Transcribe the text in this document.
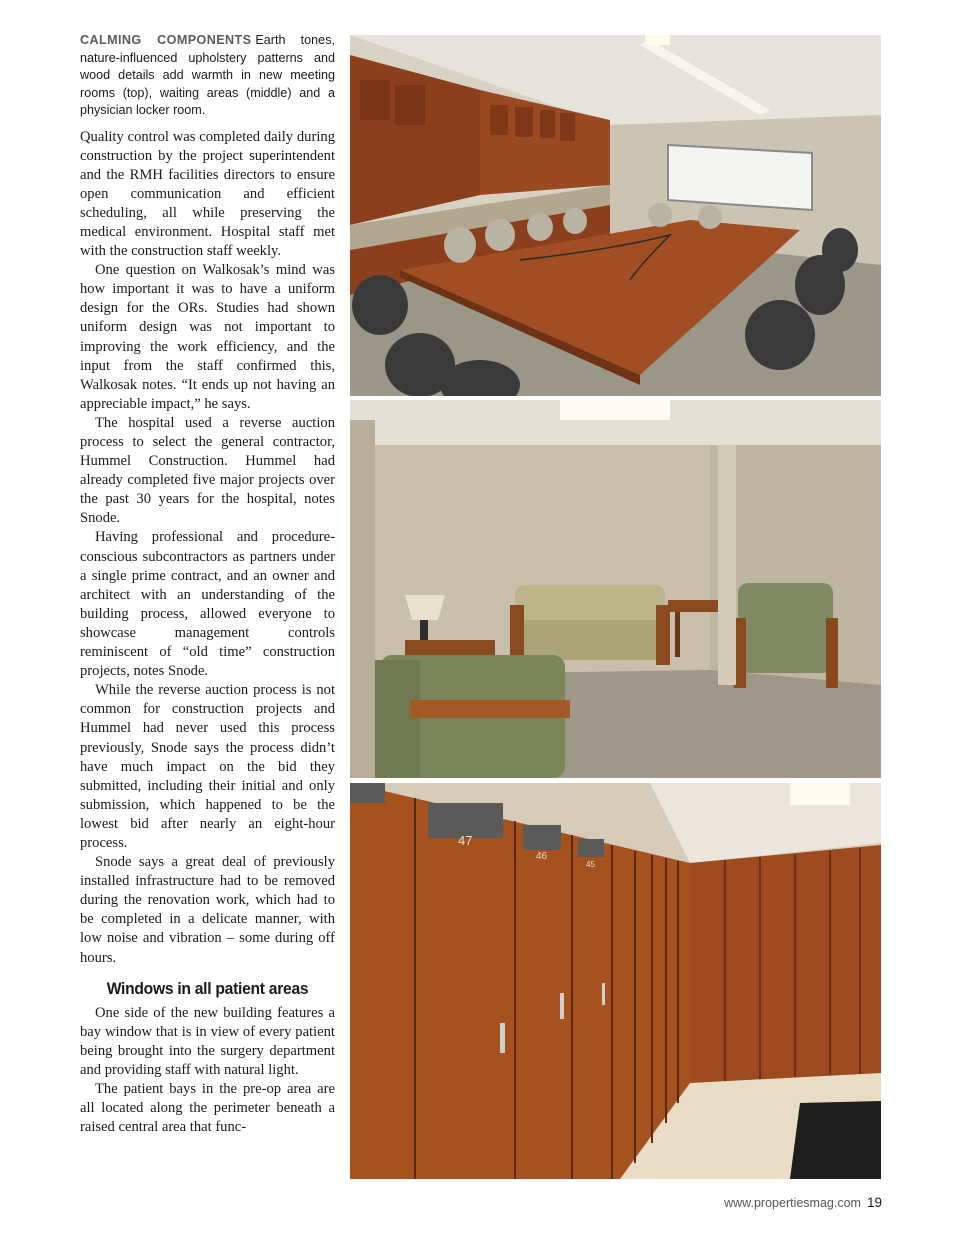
CALMING COMPONENTS Earth tones, nature-influenced upholstery patterns and wood details add warmth in new meeting rooms (top), waiting areas (middle) and a physician locker room.

Quality control was completed daily during construction by the project superintendent and the RMH facilities directors to ensure open communication and efficient scheduling, all while preserving the medical environment. Hospital staff met with the construction staff weekly.

One question on Walkosak’s mind was how important it was to have a uniform design for the ORs. Studies had shown uniform design was not important to improving the work efficiency, and the input from the staff confirmed this, Walkosak notes. “It ends up not having an appreciable impact,” he says.

The hospital used a reverse auction process to select the general contractor, Hummel Construction. Hummel had already completed five major projects over the past 30 years for the hospital, notes Snode.

Having professional and procedure-conscious subcontractors as partners under a single prime contract, and an owner and architect with an understanding of the building process, allowed everyone to showcase management controls reminiscent of “old time” construction projects, notes Snode.

While the reverse auction process is not common for construction projects and Hummel had never used this process previously, Snode says the process didn’t have much impact on the bid they submitted, including their initial and only submission, which happened to be the lowest bid after nearly an eight-hour process.

Snode says a great deal of previously installed infrastructure had to be removed during the renovation work, which had to be completed in a delicate manner, with low noise and vibration – some during off hours.

Windows in all patient areas

One side of the new building features a bay window that is in view of every patient being brought into the surgery department and providing staff with natural light.

The patient bays in the pre-op area are all located along the perimeter beneath a raised central area that func-

47
46
45
www.propertiesmag.com 19
